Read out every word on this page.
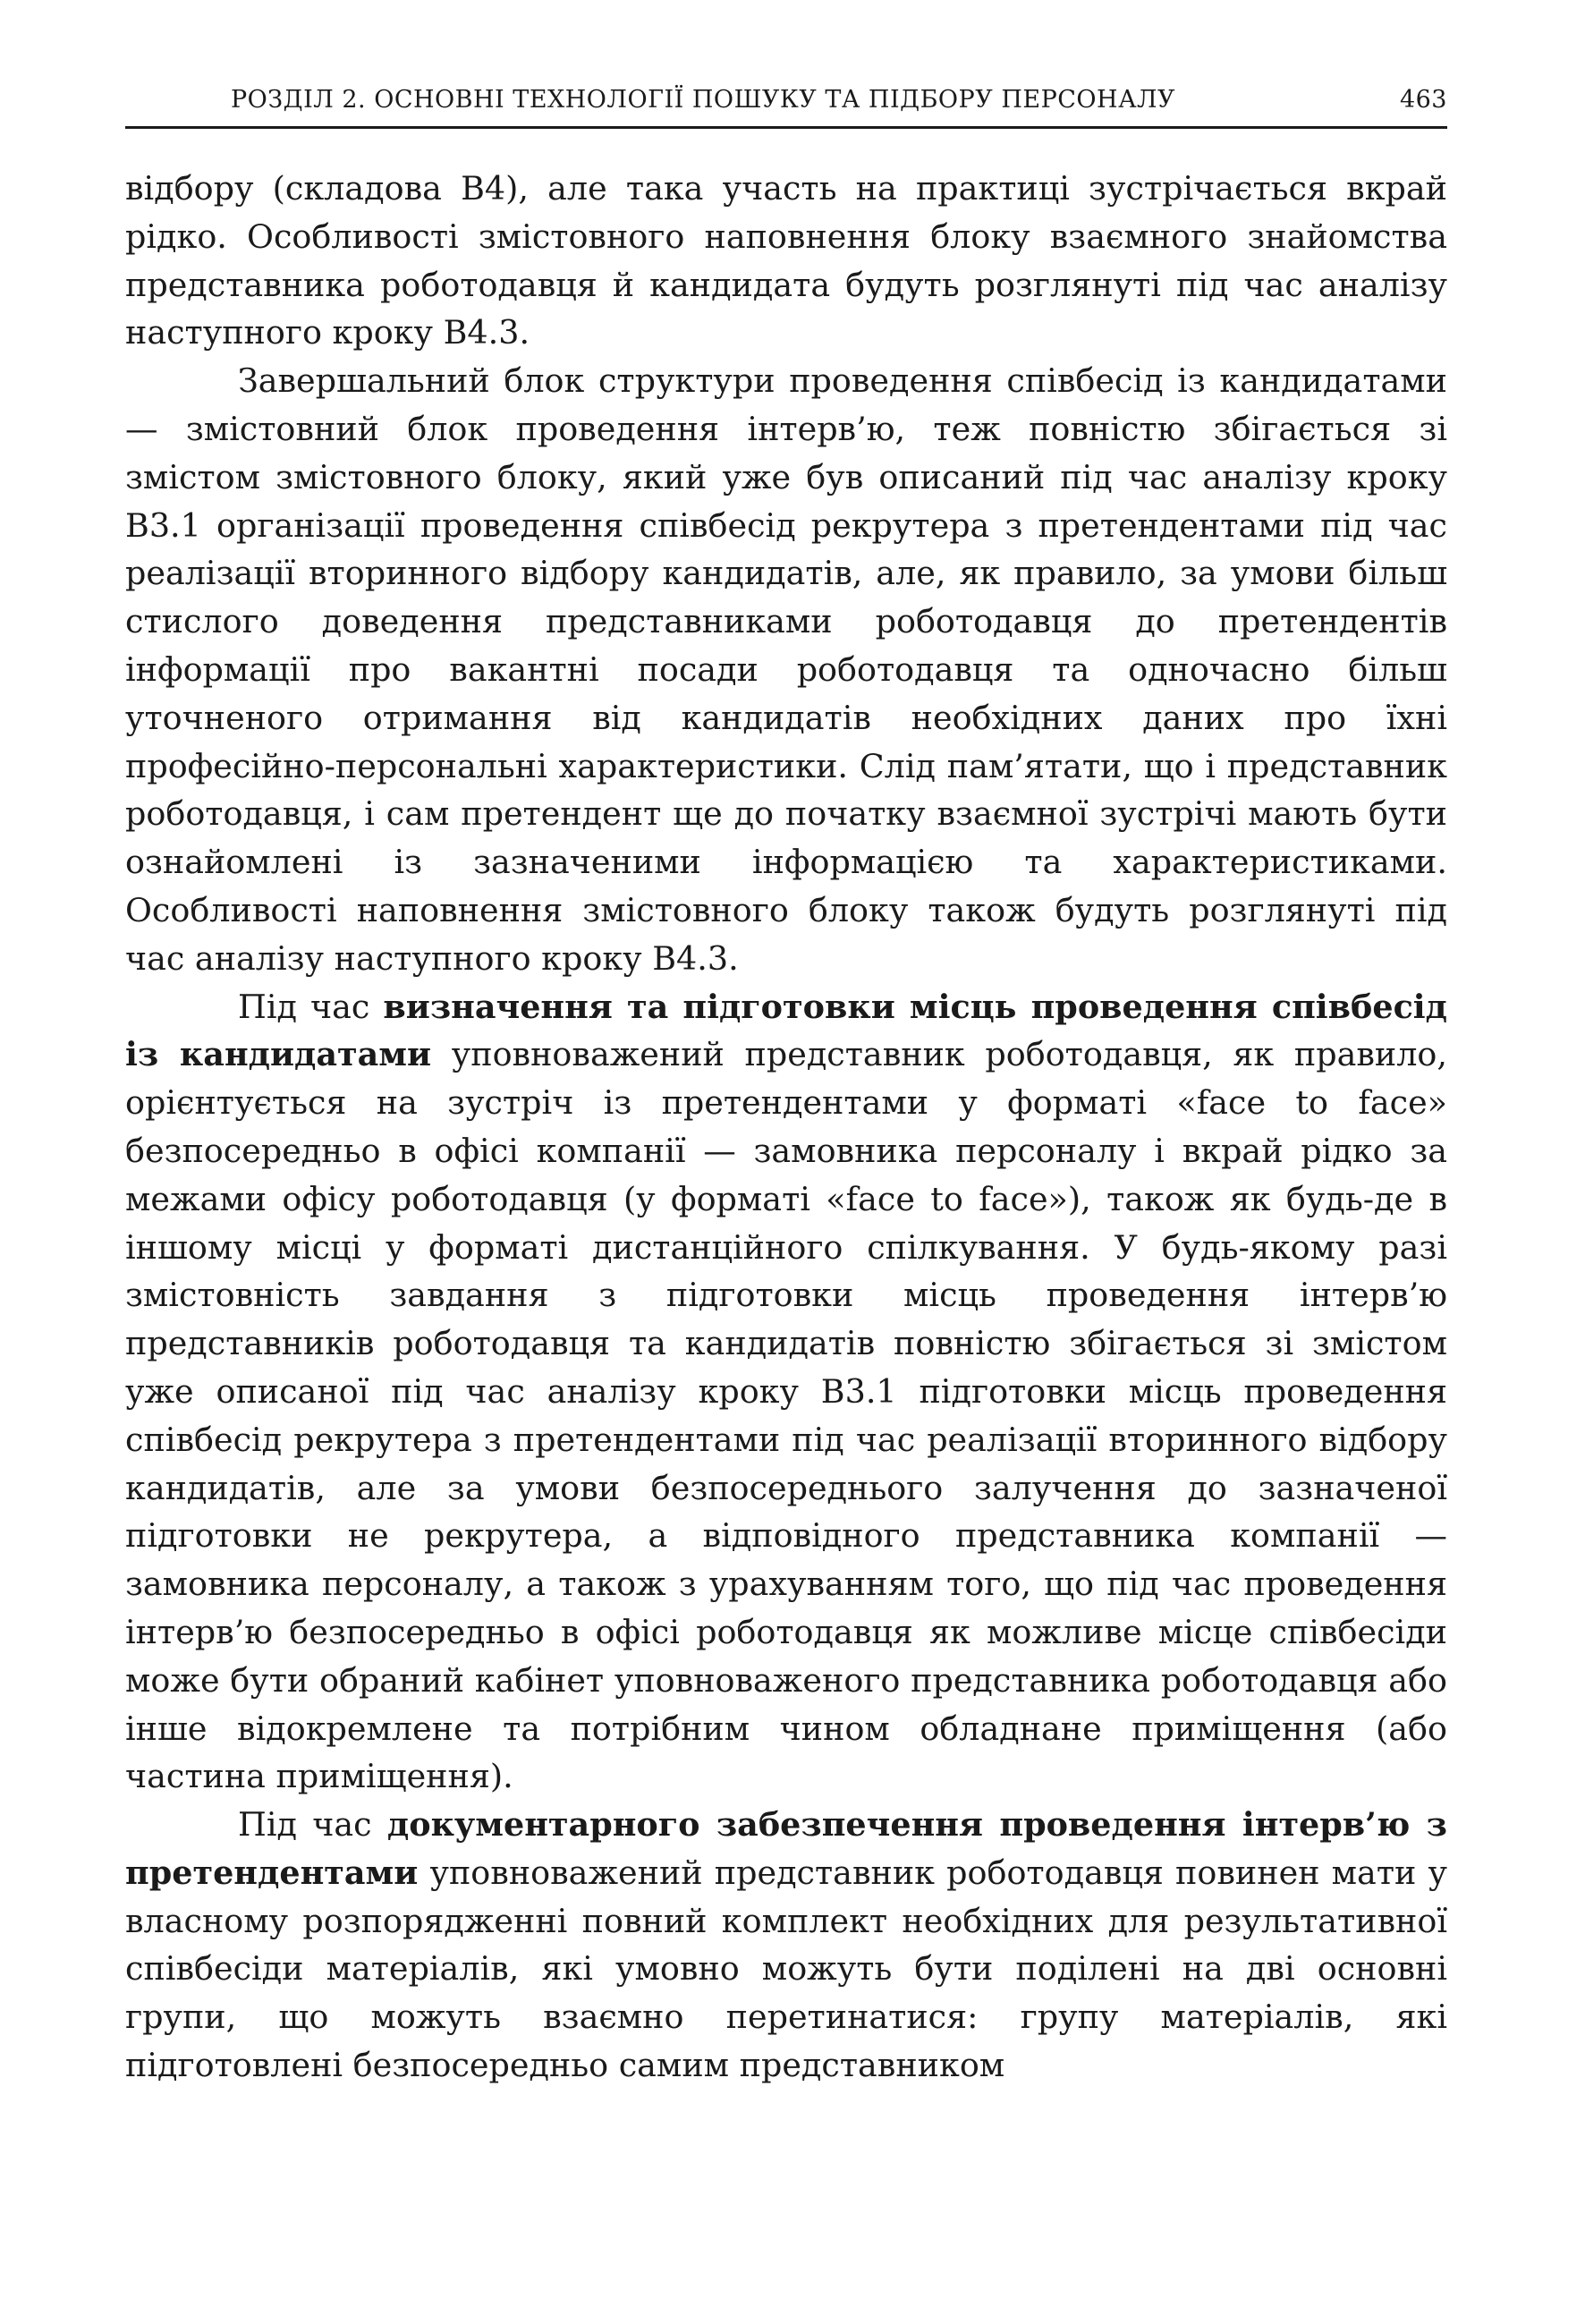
РОЗДІЛ 2. ОСНОВНІ ТЕХНОЛОГІЇ ПОШУКУ ТА ПІДБОРУ ПЕРСОНАЛУ	463

відбору (складова В4), але така участь на практиці зустрічається вкрай рідко. Особливості змістовного наповнення блоку взаємного знайомства представника роботодавця й кандидата будуть розглянуті під час аналізу наступного кроку В4.3.

Завершальний блок структури проведення співбесід із кандидатами — змістовний блок проведення інтерв’ю, теж повністю збігається зі змістом змістовного блоку, який уже був описаний під час аналізу кроку В3.1 організації проведення співбесід рекрутера з претендентами під час реалізації вторинного відбору кандидатів, але, як правило, за умови більш стислого доведення представниками роботодавця до претендентів інформації про вакантні посади роботодавця та одночасно більш уточненого отримання від кандидатів необхідних даних про їхні професійно-персональні характеристики. Слід пам’ятати, що і представник роботодавця, і сам претендент ще до початку взаємної зустрічі мають бути ознайомлені із зазначеними інформацією та характеристиками. Особливості наповнення змістовного блоку також будуть розглянуті під час аналізу наступного кроку В4.3.

Під час визначення та підготовки місць проведення співбесід із кандидатами уповноважений представник роботодавця, як правило, орієнтується на зустріч із претендентами у форматі «face to face» безпосередньо в офісі компанії — замовника персоналу і вкрай рідко за межами офісу роботодавця (у форматі «face to face»), також як будь-де в іншому місці у форматі дистанційного спілкування. У будь-якому разі змістовність завдання з підготовки місць проведення інтерв’ю представників роботодавця та кандидатів повністю збігається зі змістом уже описаної під час аналізу кроку В3.1 підготовки місць проведення співбесід рекрутера з претендентами під час реалізації вторинного відбору кандидатів, але за умови безпосереднього залучення до зазначеної підготовки не рекрутера, а відповідного представника компанії — замовника персоналу, а також з урахуванням того, що під час проведення інтерв’ю безпосередньо в офісі роботодавця як можливе місце співбесіди може бути обраний кабінет уповноваженого представника роботодавця або інше відокремлене та потрібним чином обладнане приміщення (або частина приміщення).

Під час документарного забезпечення проведення інтерв’ю з претендентами уповноважений представник роботодавця повинен мати у власному розпорядженні повний комплект необхідних для результативної співбесіди матеріалів, які умовно можуть бути поділені на дві основні групи, що можуть взаємно перетинатися: групу матеріалів, які підготовлені безпосередньо самим представником
